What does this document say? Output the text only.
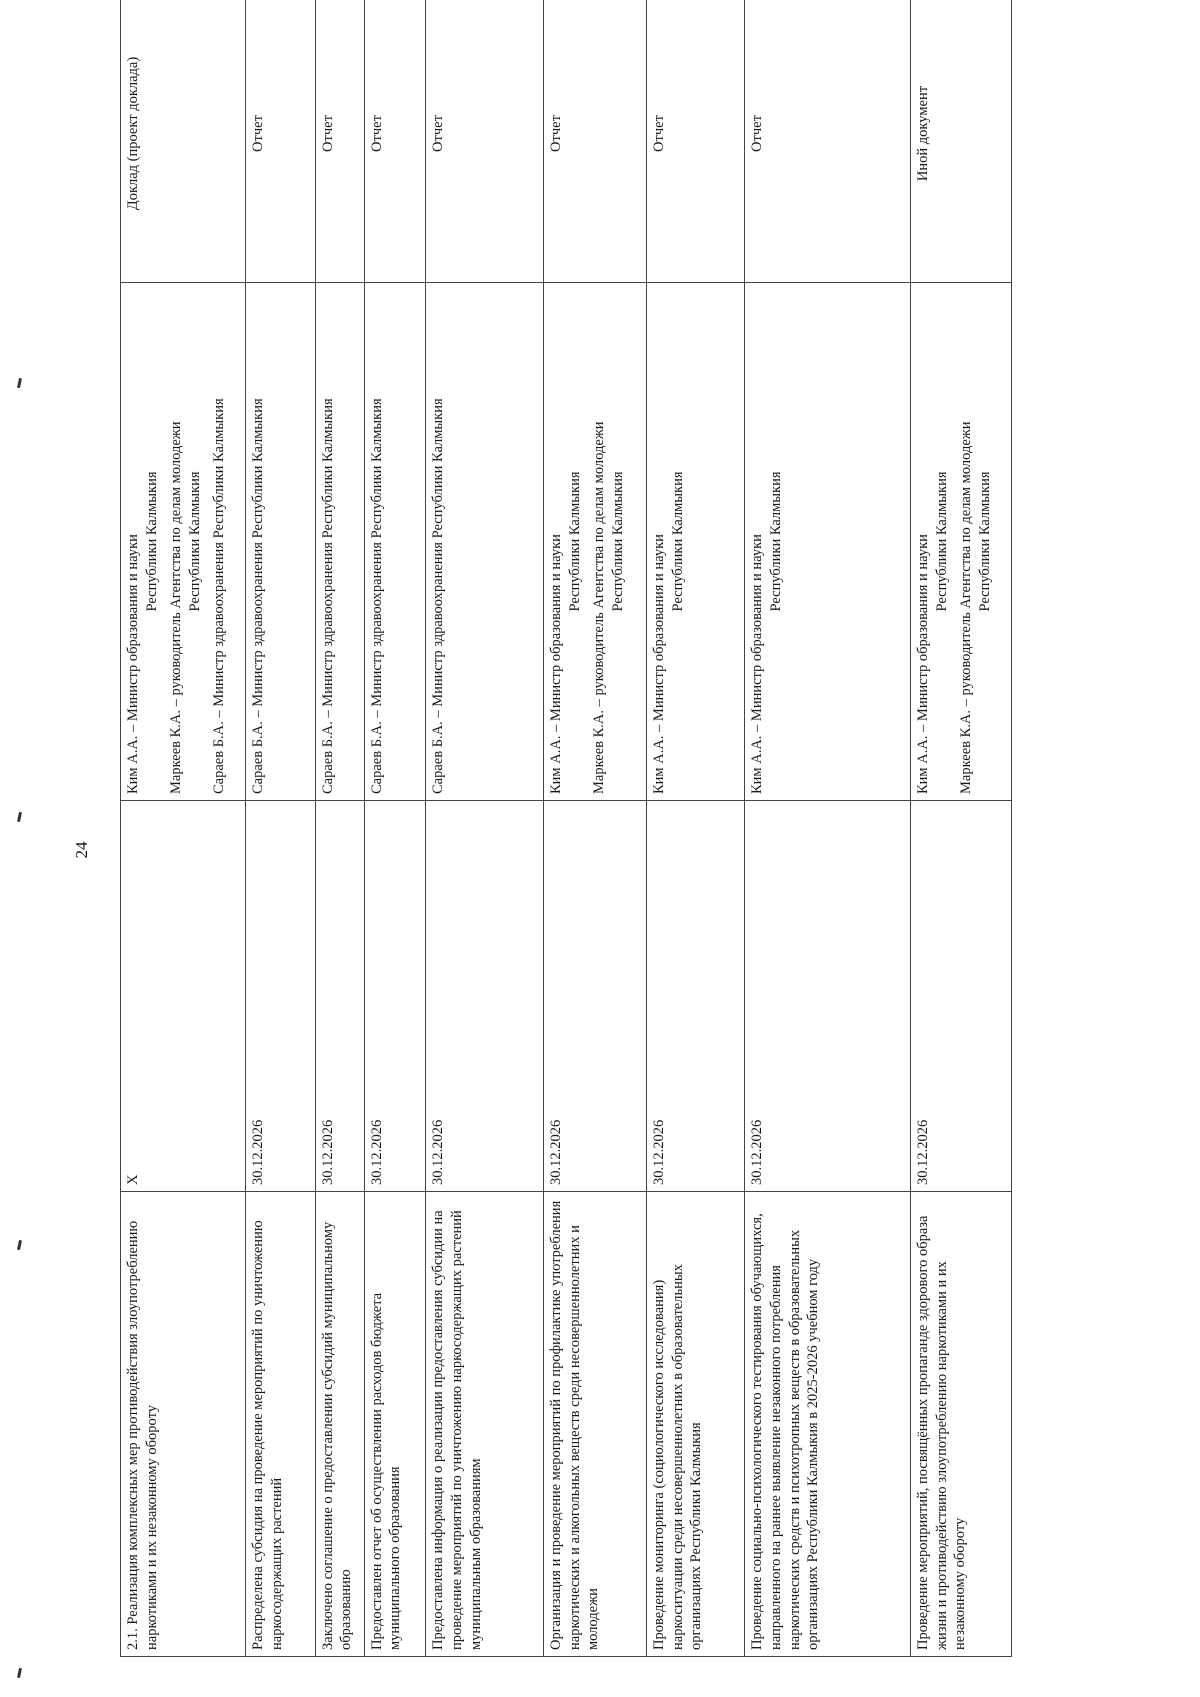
24
2.1. Реализация комплексных мер противодействия злоупотреблению наркотиками и их незаконному обороту	X	Ким А.А. – Министр образования и науки Республики Калмыкия Маркеев К.А. – руководитель Агентства по делам молодежи Республики Калмыкия Сараев Б.А. – Министр здравоохранения Республики Калмыкия	Доклад (проект доклада)
Распределена субсидия на проведение мероприятий по уничтожению наркосодержащих растений	30.12.2026	Сараев Б.А. – Министр здравоохранения Республики Калмыкия	Отчет
Заключено соглашение о предоставлении субсидий муниципальному образованию	30.12.2026	Сараев Б.А. – Министр здравоохранения Республики Калмыкия	Отчет
Предоставлен отчет об осуществлении расходов бюджета муниципального образования	30.12.2026	Сараев Б.А. – Министр здравоохранения Республики Калмыкия	Отчет
Предоставлена информация о реализации предоставления субсидии на проведение мероприятий по уничтожению наркосодержащих растений муниципальным образованиям	30.12.2026	Сараев Б.А. – Министр здравоохранения Республики Калмыкия	Отчет
Организация и проведение мероприятий по профилактике употребления наркотических и алкогольных веществ среди несовершеннолетних и молодежи	30.12.2026	Ким А.А. – Министр образования и науки Республики Калмыкия Маркеев К.А. – руководитель Агентства по делам молодежи Республики Калмыкия	Отчет
Проведение мониторинга (социологического исследования) наркоситуации среди несовершеннолетних в образовательных организациях Республики Калмыкия	30.12.2026	Ким А.А. – Министр образования и науки Республики Калмыкия	Отчет
Проведение социально-психологического тестирования обучающихся, направленного на раннее выявление незаконного потребления наркотических средств и психотропных веществ в образовательных организациях Республики Калмыкия в 2025-2026 учебном году	30.12.2026	Ким А.А. – Министр образования и науки Республики Калмыкия	Отчет
Проведение мероприятий, посвящённых пропаганде здорового образа жизни и противодействию злоупотреблению наркотиками и их незаконному обороту	30.12.2026	Ким А.А. – Министр образования и науки Республики Калмыкия Маркеев К.А. – руководитель Агентства по делам молодежи Республики Калмыкия	Иной документ
